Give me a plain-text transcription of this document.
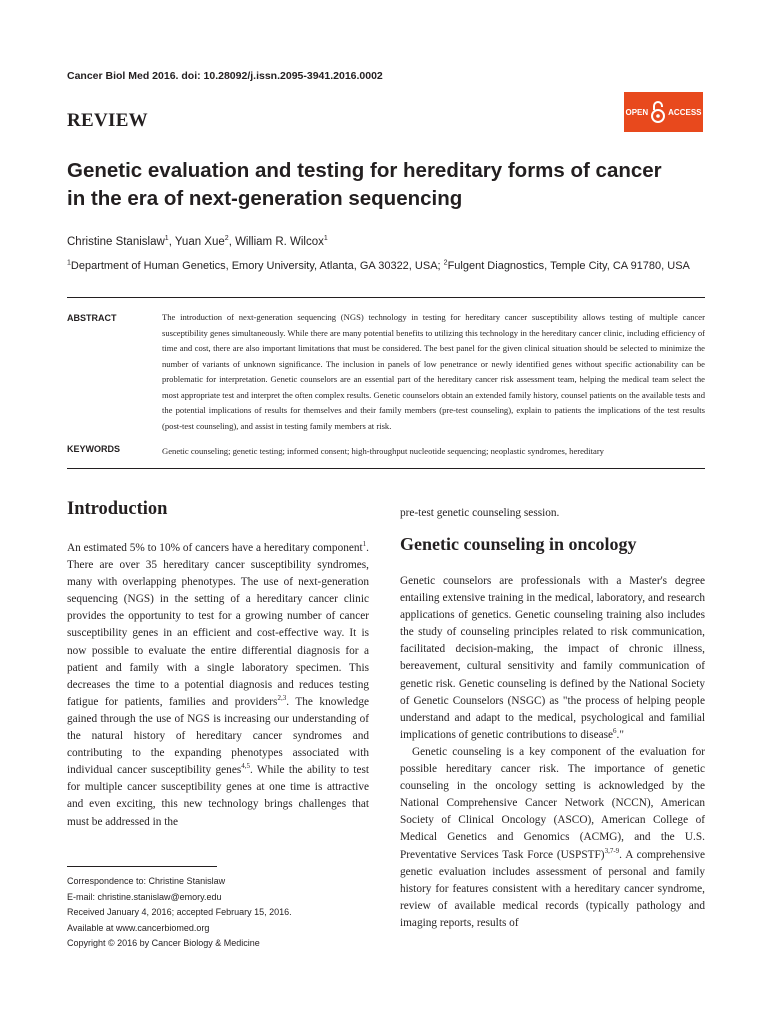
Cancer Biol Med 2016. doi: 10.28092/j.issn.2095-3941.2016.0002
REVIEW	OPEN	ACCESS
Genetic evaluation and testing for hereditary forms of cancer
in the era of next-generation sequencing
Christine Stanislaw$^1$, Yuan Xue$^2$, William R. Wilcox$^1$
$^1$Department of Human Genetics, Emory University, Atlanta, GA 30322, USA; $^2$Fulgent Diagnostics, Temple City, CA 91780, USA
ABSTRACT	The introduction of next-generation sequencing (NGS) technology in testing for hereditary cancer susceptibility allows testing of multiple cancer susceptibility genes simultaneously. While there are many potential benefits to utilizing this technology in the hereditary cancer clinic, including efficiency of time and cost, there are also important limitations that must be considered. The best panel for the given clinical situation should be selected to minimize the number of variants of unknown significance. The inclusion in panels of low penetrance or newly identified genes without specific actionability can be problematic for interpretation. Genetic counselors are an essential part of the hereditary cancer risk assessment team, helping the medical team select the most appropriate test and interpret the often complex results. Genetic counselors obtain an extended family history, counsel patients on the available tests and the potential implications of results for themselves and their family members (pre-test counseling), explain to patients the implications of the test results (post-test counseling), and assist in testing family members at risk.
KEYWORDS	Genetic counseling; genetic testing; informed consent; high-throughput nucleotide sequencing; neoplastic syndromes, hereditary
Introduction

An estimated 5% to 10% of cancers have a hereditary component$^1$. There are over 35 hereditary cancer susceptibility syndromes, many with overlapping phenotypes. The use of next-generation sequencing (NGS) in the setting of a hereditary cancer clinic provides the opportunity to test for a growing number of cancer susceptibility genes in an efficient and cost-effective way. It is now possible to evaluate the entire differential diagnosis for a patient and family with a single laboratory specimen. This decreases the time to a potential diagnosis and reduces testing fatigue for patients, families and providers$^{2,3}$. The knowledge gained through the use of NGS is increasing our understanding of the natural history of hereditary cancer syndromes and contributing to the expanding phenotypes associated with individual cancer susceptibility genes$^{4,5}$. While the ability to test for multiple cancer susceptibility genes at one time is attractive and even exciting, this new technology brings challenges that must be addressed in the

Correspondence to: Christine Stanislaw
E-mail: christine.stanislaw@emory.edu
Received January 4, 2016; accepted February 15, 2016.
Available at www.cancerbiomed.org
Copyright © 2016 by Cancer Biology & Medicine

pre-test genetic counseling session.

Genetic counseling in oncology

Genetic counselors are professionals with a Master's degree entailing extensive training in the medical, laboratory, and research applications of genetics. Genetic counseling training also includes the study of counseling principles related to risk communication, facilitated decision-making, the impact of chronic illness, bereavement, cultural sensitivity and family communication of genetic risk. Genetic counseling is defined by the National Society of Genetic Counselors (NSGC) as "the process of helping people understand and adapt to the medical, psychological and familial implications of genetic contributions to disease$^6$."

Genetic counseling is a key component of the evaluation for possible hereditary cancer risk. The importance of genetic counseling in the oncology setting is acknowledged by the National Comprehensive Cancer Network (NCCN), American Society of Clinical Oncology (ASCO), American College of Medical Genetics and Genomics (ACMG), and the U.S. Preventative Services Task Force (USPSTF)$^{3,7-9}$. A comprehensive genetic evaluation includes assessment of personal and family history for features consistent with a hereditary cancer syndrome, review of available medical records (typically pathology and imaging reports, results of
